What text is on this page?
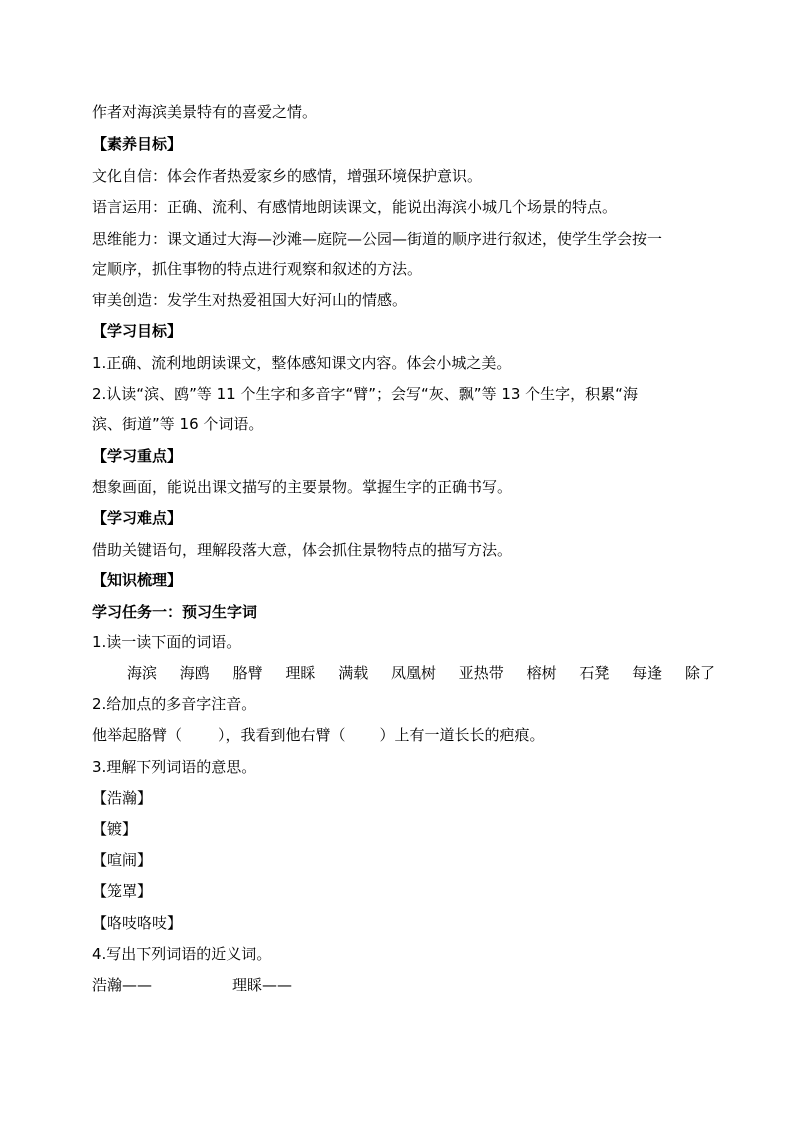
作者对海滨美景特有的喜爱之情。
【素养目标】
文化自信：体会作者热爱家乡的感情，增强环境保护意识。
语言运用：正确、流利、有感情地朗读课文，能说出海滨小城几个场景的特点。
思维能力：课文通过大海—沙滩—庭院—公园—街道的顺序进行叙述，使学生学会按一
定顺序，抓住事物的特点进行观察和叙述的方法。
审美创造：发学生对热爱祖国大好河山的情感。
【学习目标】
1.正确、流利地朗读课文，整体感知课文内容。体会小城之美。
2.认读“滨、鸥”等 11 个生字和多音字“臂”；会写“灰、飘”等 13 个生字，积累“海
滨、街道”等 16 个词语。
【学习重点】
想象画面，能说出课文描写的主要景物。掌握生字的正确书写。
【学习难点】
借助关键语句，理解段落大意，体会抓住景物特点的描写方法。
【知识梳理】
学习任务一：预习生字词
1.读一读下面的词语。
海滨 海鸥 胳臂 理睬 满载 凤凰树 亚热带 榕树 石凳 每逢 除了
2.给加点的多音字注音。
他举起胳臂（ ），我看到他右臂（ ）上有一道长长的疤痕。
3.理解下列词语的意思。
【浩瀚】
【镀】
【喧闹】
【笼罩】
【咯吱咯吱】
4.写出下列词语的近义词。
浩瀚——	理睬——
